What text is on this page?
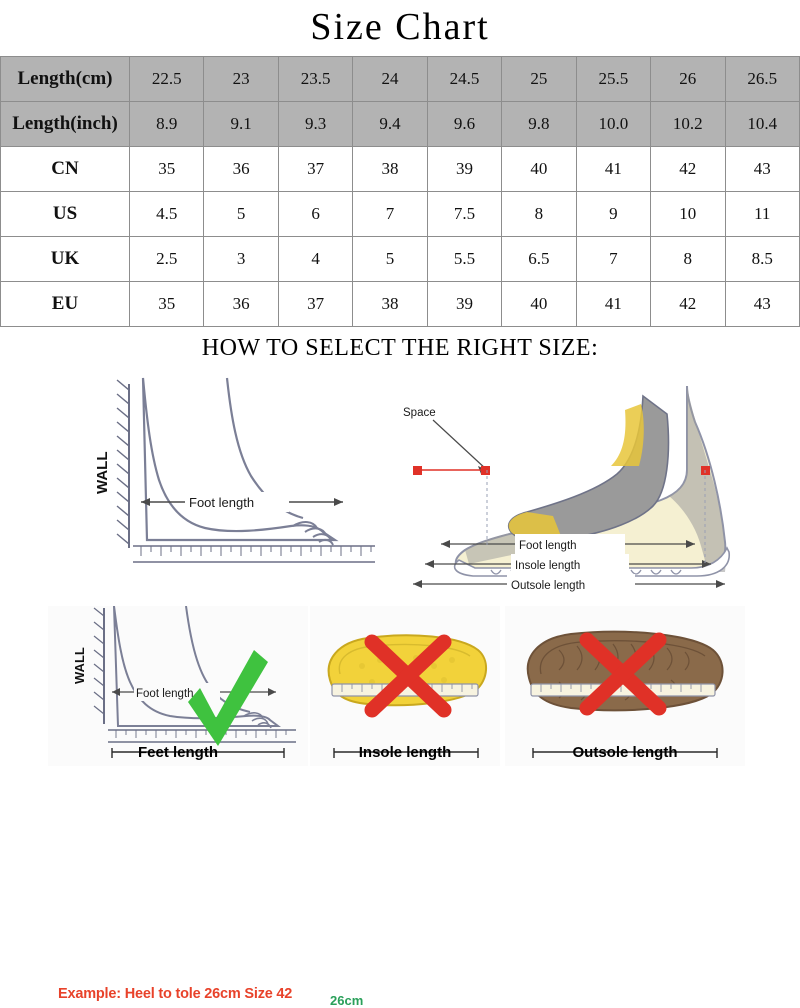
Size Chart
Length(cm)	22.5	23	23.5	24	24.5	25	25.5	26	26.5
Length(inch)	8.9	9.1	9.3	9.4	9.6	9.8	10.0	10.2	10.4
CN	35	36	37	38	39	40	41	42	43
US	4.5	5	6	7	7.5	8	9	10	11
UK	2.5	3	4	5	5.5	6.5	7	8	8.5
EU	35	36	37	38	39	40	41	42	43
HOW TO SELECT THE RIGHT SIZE:
WALL
Foot length
Example: Heel to tole 26cm Size 42	26cm
Space
Foot length
Insole length
Outsole length
WALL
Foot length
Feet length	Insole length	Outsole length
